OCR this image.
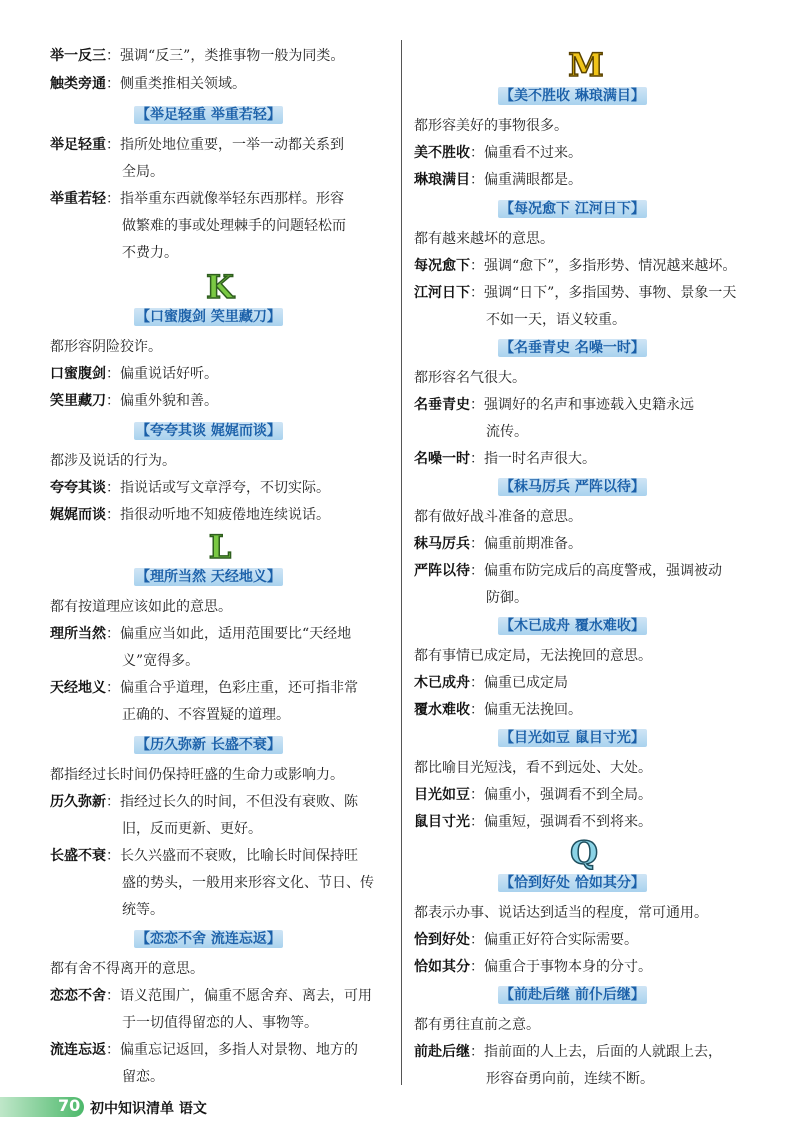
举一反三：强调“反三”，类推事物一般为同类。
触类旁通：侧重类推相关领域。
【举足轻重 举重若轻】
举足轻重：指所处地位重要，一举一动都关系到
全局。
举重若轻：指举重东西就像举轻东西那样。形容
做繁难的事或处理棘手的问题轻松而
不费力。
K
【口蜜腹剑 笑里藏刀】
都形容阴险狡诈。
口蜜腹剑：偏重说话好听。
笑里藏刀：偏重外貌和善。
【夸夸其谈 娓娓而谈】
都涉及说话的行为。
夸夸其谈：指说话或写文章浮夸，不切实际。
娓娓而谈：指很动听地不知疲倦地连续说话。
L
【理所当然 天经地义】
都有按道理应该如此的意思。
理所当然：偏重应当如此，适用范围要比“天经地
义”宽得多。
天经地义：偏重合乎道理，色彩庄重，还可指非常
正确的、不容置疑的道理。
【历久弥新 长盛不衰】
都指经过长时间仍保持旺盛的生命力或影响力。
历久弥新：指经过长久的时间，不但没有衰败、陈
旧，反而更新、更好。
长盛不衰：长久兴盛而不衰败，比喻长时间保持旺
盛的势头，一般用来形容文化、节日、传
统等。
【恋恋不舍 流连忘返】
都有舍不得离开的意思。
恋恋不舍：语义范围广，偏重不愿舍弃、离去，可用
于一切值得留恋的人、事物等。
流连忘返：偏重忘记返回，多指人对景物、地方的
留恋。
M
【美不胜收 琳琅满目】
都形容美好的事物很多。
美不胜收：偏重看不过来。
琳琅满目：偏重满眼都是。
【每况愈下 江河日下】
都有越来越坏的意思。
每况愈下：强调“愈下”，多指形势、情况越来越坏。
江河日下：强调“日下”，多指国势、事物、景象一天
不如一天，语义较重。
【名垂青史 名噪一时】
都形容名气很大。
名垂青史：强调好的名声和事迹载入史籍永远
流传。
名噪一时：指一时名声很大。
【秣马厉兵 严阵以待】
都有做好战斗准备的意思。
秣马厉兵：偏重前期准备。
严阵以待：偏重布防完成后的高度警戒，强调被动
防御。
【木已成舟 覆水难收】
都有事情已成定局，无法挽回的意思。
木已成舟：偏重已成定局
覆水难收：偏重无法挽回。
【目光如豆 鼠目寸光】
都比喻目光短浅，看不到远处、大处。
目光如豆：偏重小，强调看不到全局。
鼠目寸光：偏重短，强调看不到将来。
Q
【恰到好处 恰如其分】
都表示办事、说话达到适当的程度，常可通用。
恰到好处：偏重正好符合实际需要。
恰如其分：偏重合于事物本身的分寸。
【前赴后继 前仆后继】
都有勇往直前之意。
前赴后继：指前面的人上去，后面的人就跟上去，
形容奋勇向前，连续不断。
70 初中知识清单 语文
